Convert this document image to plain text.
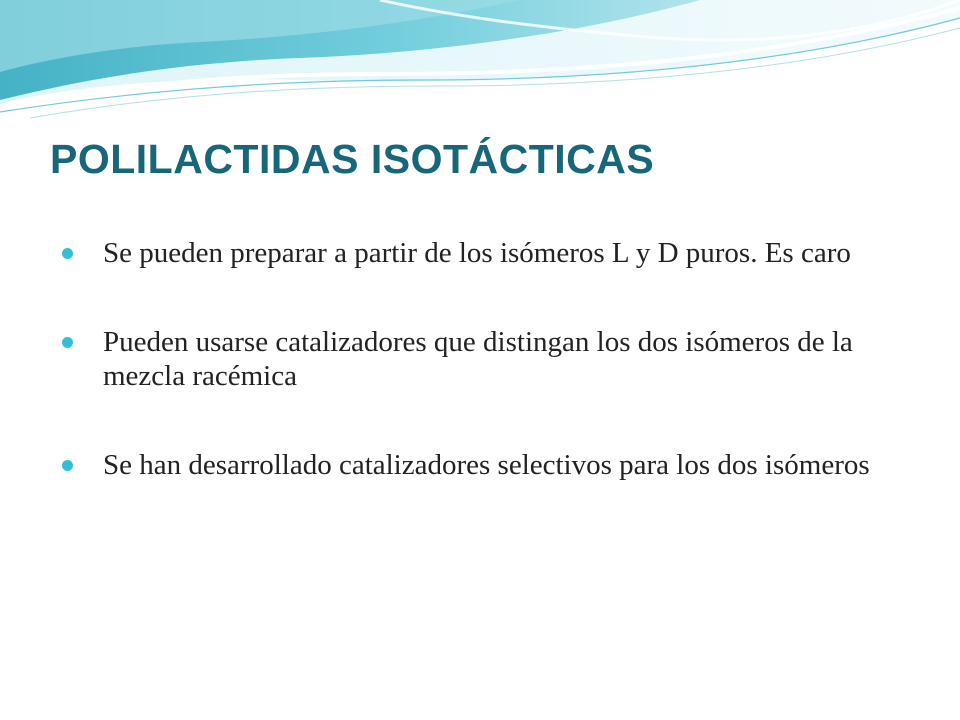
POLILACTIDAS ISOTÁCTICAS
Se pueden preparar a partir de los isómeros L y D puros. Es caro
Pueden usarse catalizadores que distingan los dos isómeros de la mezcla racémica
Se han desarrollado catalizadores selectivos para los dos isómeros
